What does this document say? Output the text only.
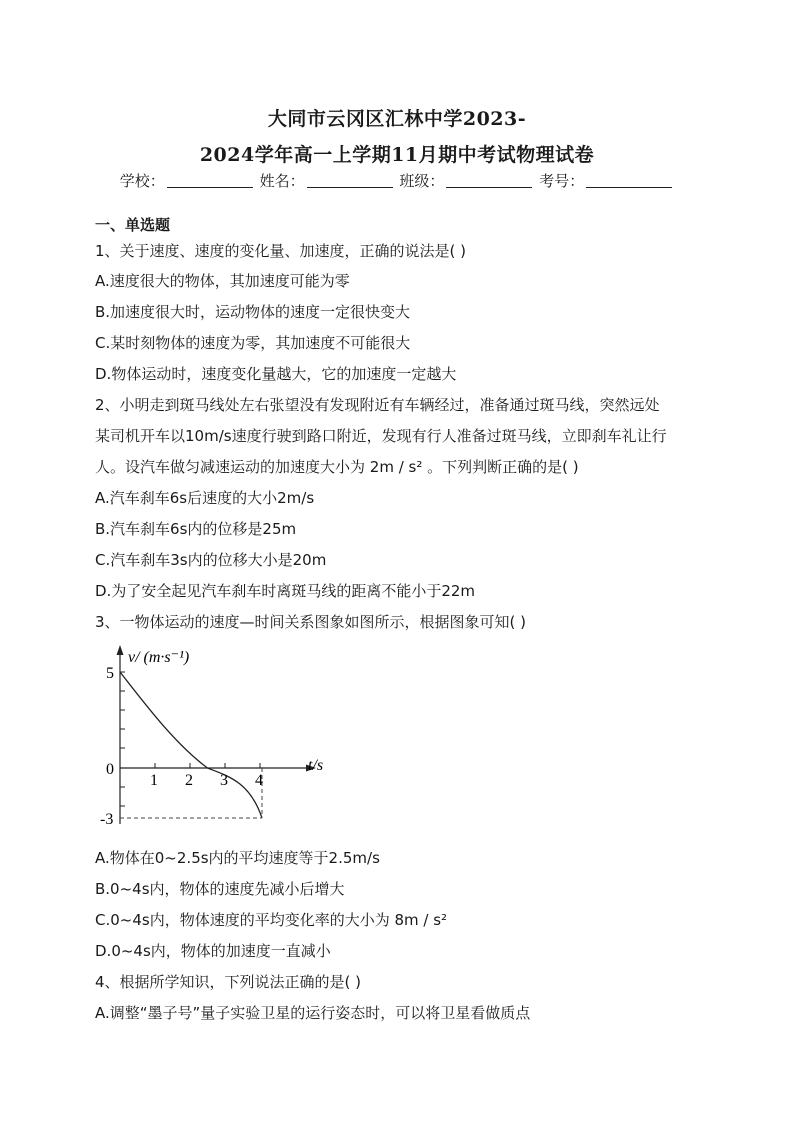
大同市云冈区汇林中学2023-
2024学年高一上学期11月期中考试物理试卷
学校：	姓名：	班级：	考号：
一、单选题
1、关于速度、速度的变化量、加速度，正确的说法是( )
A.速度很大的物体，其加速度可能为零
B.加速度很大时，运动物体的速度一定很快变大
C.某时刻物体的速度为零，其加速度不可能很大
D.物体运动时，速度变化量越大，它的加速度一定越大
2、小明走到斑马线处左右张望没有发现附近有车辆经过，准备通过斑马线，突然远处
某司机开车以10m/s速度行驶到路口附近，发现有行人准备过斑马线，立即刹车礼让行
人。设汽车做匀减速运动的加速度大小为 2m / s² 。下列判断正确的是( )
A.汽车刹车6s后速度的大小2m/s
B.汽车刹车6s内的位移是25m
C.汽车刹车3s内的位移大小是20m
D.为了安全起见汽车刹车时离斑马线的距离不能小于22m
3、一物体运动的速度—时间关系图象如图所示，根据图象可知( )
v/ (m·s⁻¹)
t/s
5
0
-3
1 2 3 4
A.物体在0~2.5s内的平均速度等于2.5m/s
B.0~4s内，物体的速度先减小后增大
C.0~4s内，物体速度的平均变化率的大小为 8m / s²
D.0~4s内，物体的加速度一直减小
4、根据所学知识，下列说法正确的是( )
A.调整“墨子号”量子实验卫星的运行姿态时，可以将卫星看做质点
